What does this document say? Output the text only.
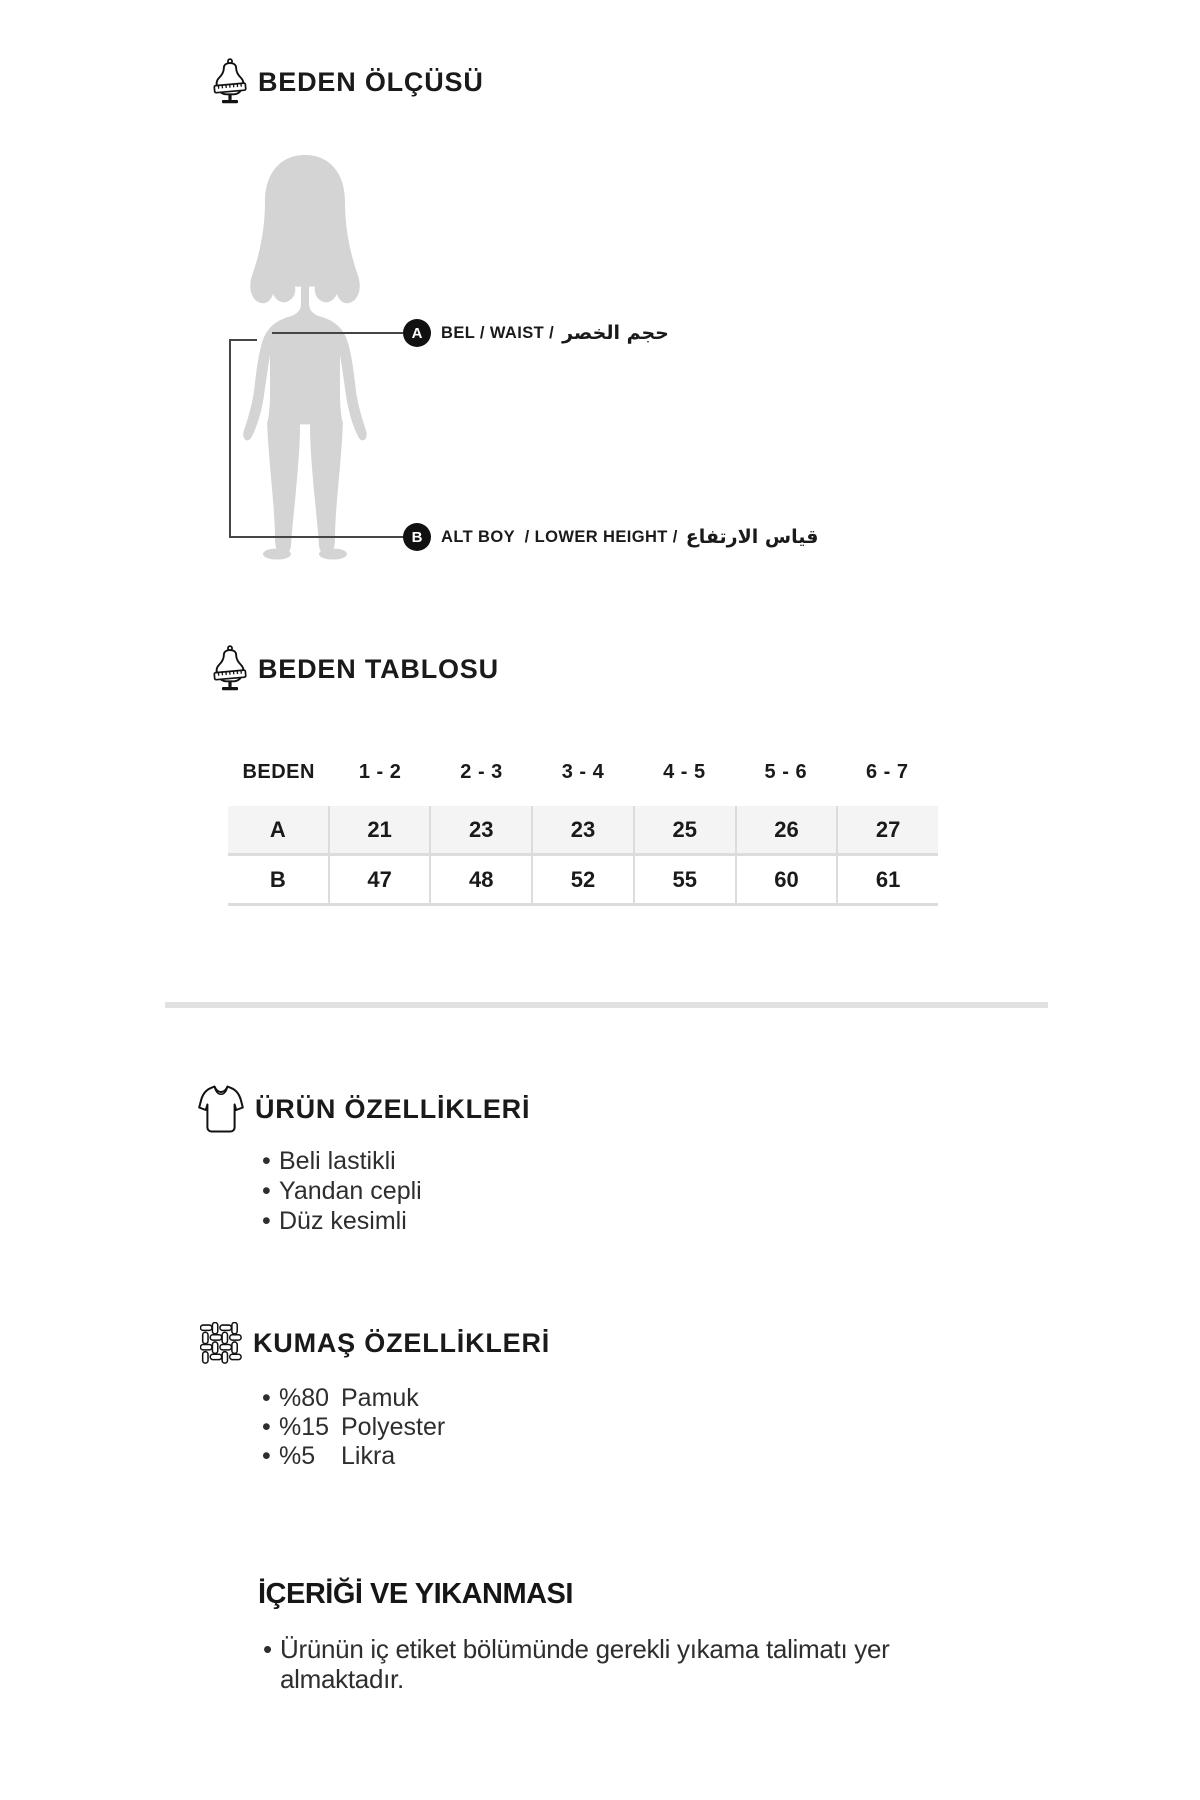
BEDEN ÖLÇÜSÜ
A BEL / WAIST / حجم الخصر
B ALT BOY  / LOWER HEIGHT / قياس الارتفاع
BEDEN TABLOSU
BEDEN	1 - 2	2 - 3	3 - 4	4 - 5	5 - 6	6 - 7
A	21	23	23	25	26	27
B	47	48	52	55	60	61
ÜRÜN ÖZELLİKLERİ
• Beli lastikli
• Yandan cepli
• Düz kesimli
KUMAŞ ÖZELLİKLERİ
• %80 Pamuk
• %15 Polyester
• %5 Likra
İÇERİĞİ VE YIKANMASI
• Ürünün iç etiket bölümünde gerekli yıkama talimatı yer almaktadır.
